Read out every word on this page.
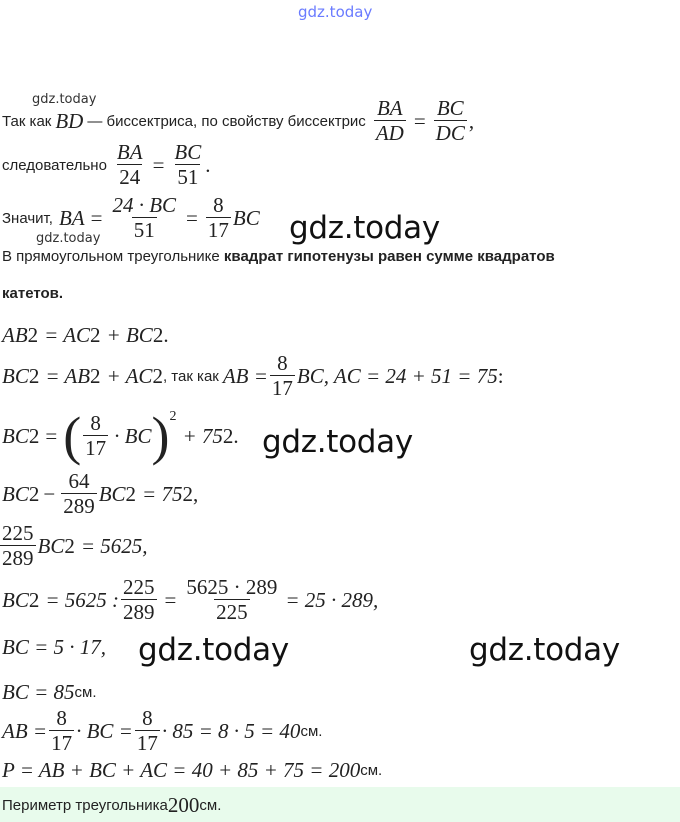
gdz.today
gdz.today
Так как BD — биссектриса, по свойству биссектрис $\frac{BA}{AD} = \frac{BC}{DC}$ ,
следовательно $\frac{BA}{24} = \frac{BC}{51}$ .
Значит, BA = $\frac{24 \cdot BC}{51} = \frac{8}{17}$ BC gdz.today
gdz.today
В прямоугольном треугольнике квадрат гипотенузы равен сумме квадратов
катетов.
AB 2 = AC 2 + BC 2 .
BC 2 = AB 2 + AC 2 , так как AB = $\frac{8}{17}$ BC, AC = 24 + 51 = 75 :
BC 2 = ( $\frac{8}{17}$ · BC ) 2
+ 75 2 . gdz.today
BC $2 - \frac{64}{289}$ BC 2 = 75 2 ,
$\frac{225}{289}$ BC 2 = 5625,
BC 2 = 5625 : $\frac{225}{289} = \frac{5625 \cdot 289}{225} = 25 \cdot 289$,
BC = 5 · 17, gdz.today	gdz.today
BC = 85 см.
AB = $\frac{8}{17}$ · BC = $\frac{8}{17} \cdot 85 = 8 \cdot 5 = 40$ см.
P = AB + BC + AC = 40 + 85 + 75 = 200 см.
Периметр треугольника 200 см.
